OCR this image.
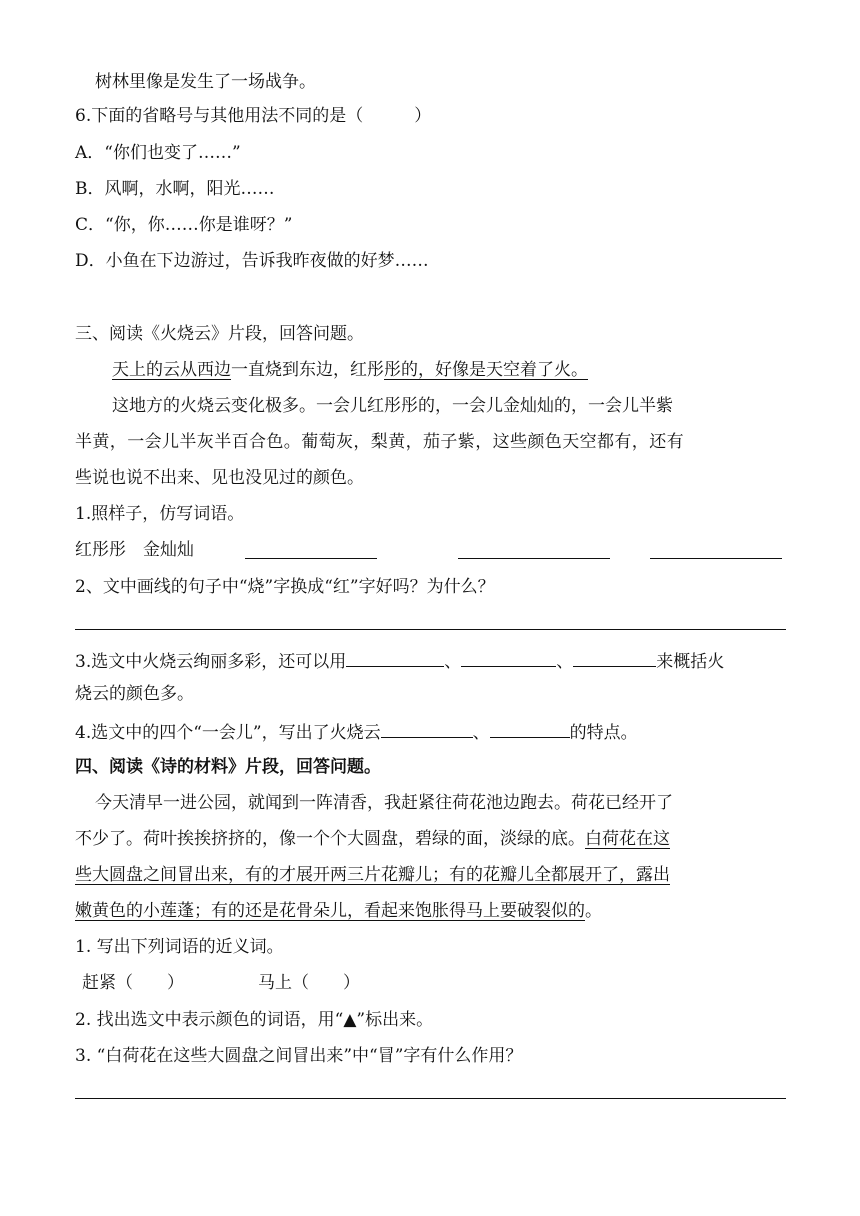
树林里像是发生了一场战争。
6.下面的省略号与其他用法不同的是（　　　）
A．“你们也变了……”
B．风啊，水啊，阳光……
C．“你，你……你是谁呀？”
D．小鱼在下边游过，告诉我昨夜做的好梦……
三、阅读《火烧云》片段，回答问题。
天上的云从西边一直烧到东边，红彤彤的，好像是天空着了火。
这地方的火烧云变化极多。一会儿红彤彤的，一会儿金灿灿的，一会儿半紫
半黄，一会儿半灰半百合色。葡萄灰，梨黄，茄子紫，这些颜色天空都有，还有
些说也说不出来、见也没见过的颜色。
1.照样子，仿写词语。
红彤彤　金灿灿
2、文中画线的句子中“烧”字换成“红”字好吗？为什么？
3.选文中火烧云绚丽多彩，还可以用	、	、	来概括火
烧云的颜色多。
4.选文中的四个“一会儿”，写出了火烧云	、	的特点。
四、阅读《诗的材料》片段，回答问题。
今天清早一进公园，就闻到一阵清香，我赶紧往荷花池边跑去。荷花已经开了
不少了。荷叶挨挨挤挤的，像一个个大圆盘，碧绿的面，淡绿的底。白荷花在这
些大圆盘之间冒出来，有的才展开两三片花瓣儿；有的花瓣儿全都展开了，露出
嫩黄色的小莲蓬；有的还是花骨朵儿，看起来饱胀得马上要破裂似的。
1. 写出下列词语的近义词。
赶紧（　　）	马上（　　）
2. 找出选文中表示颜色的词语，用“▲”标出来。
3. “白荷花在这些大圆盘之间冒出来”中“冒”字有什么作用？
